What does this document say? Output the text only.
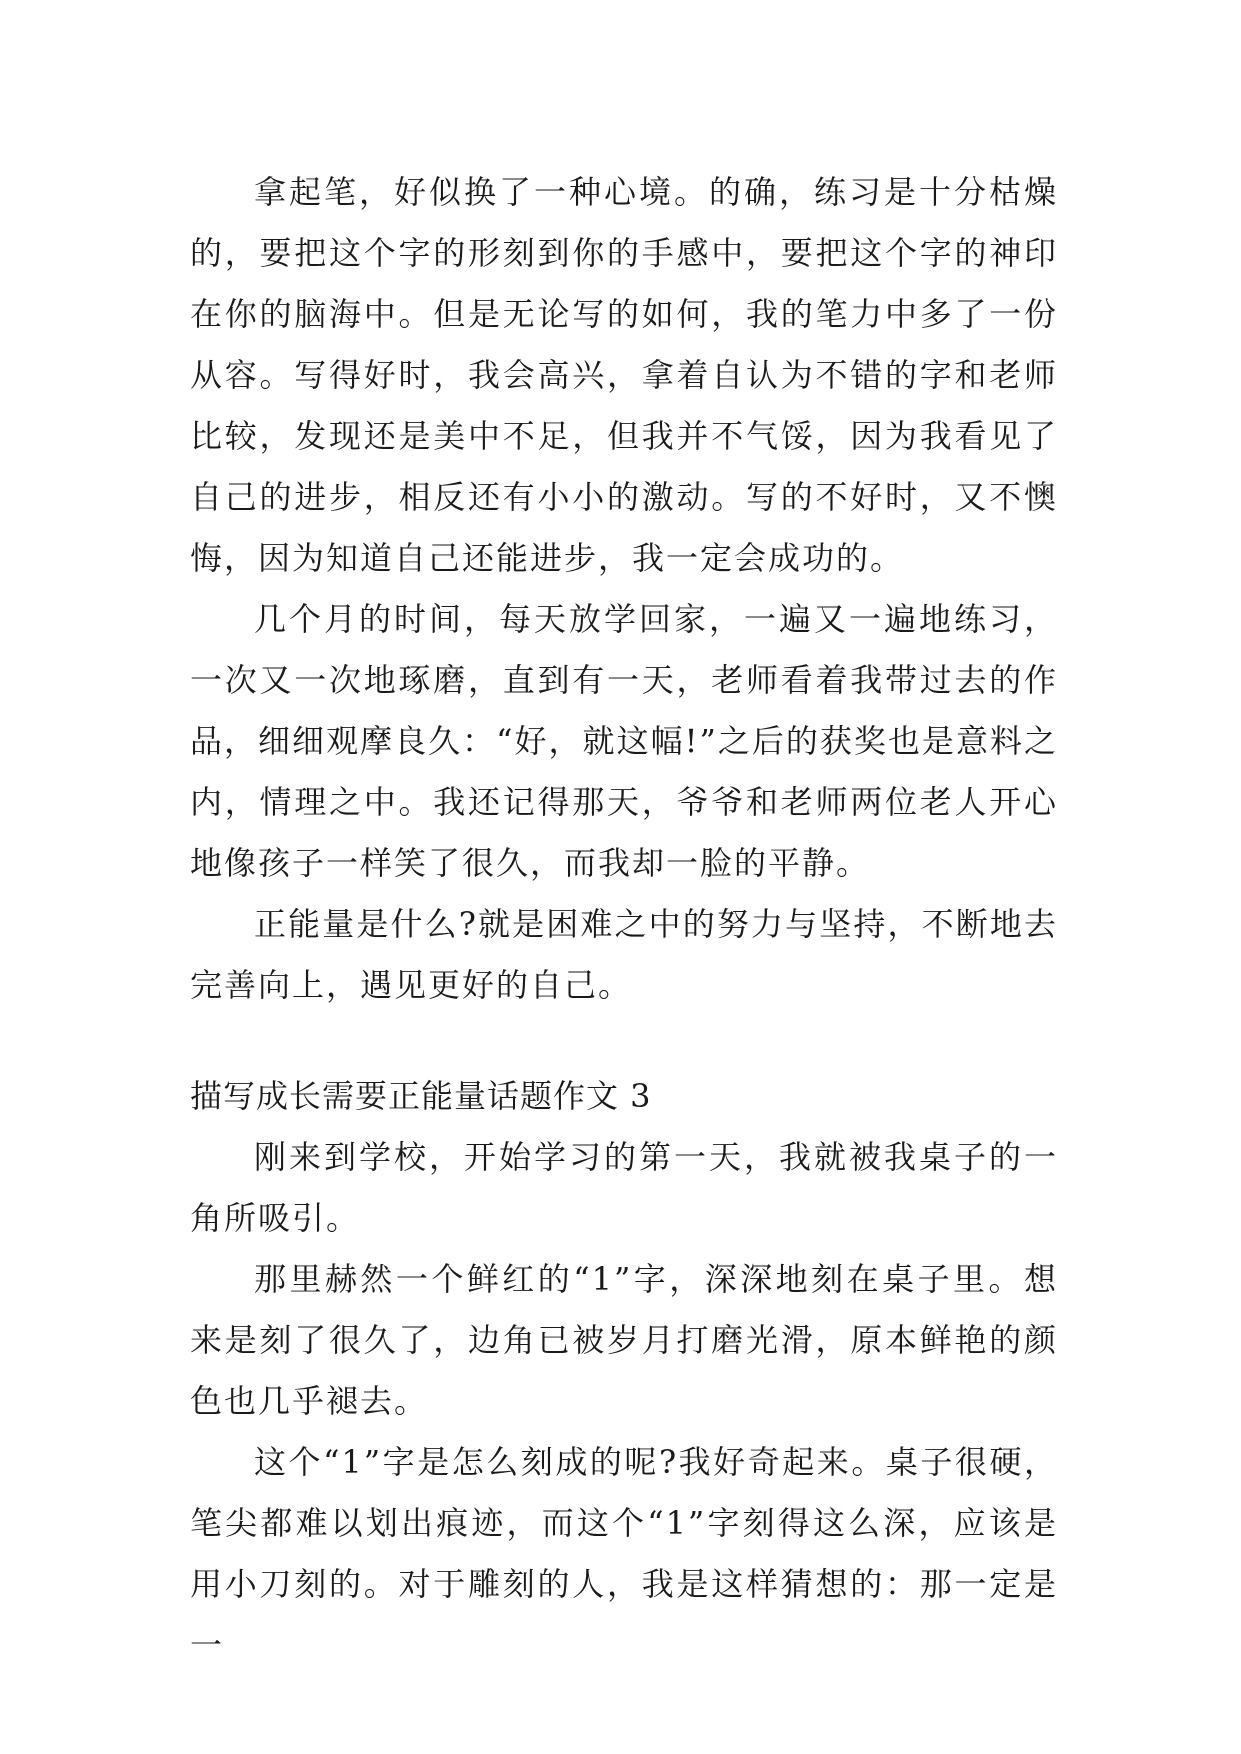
拿起笔，好似换了一种心境。的确，练习是十分枯燥的，要把这个字的形刻到你的手感中，要把这个字的神印在你的脑海中。但是无论写的如何，我的笔力中多了一份从容。写得好时，我会高兴，拿着自认为不错的字和老师比较，发现还是美中不足，但我并不气馁，因为我看见了自己的进步，相反还有小小的激动。写的不好时，又不懊悔，因为知道自己还能进步，我一定会成功的。

几个月的时间，每天放学回家，一遍又一遍地练习，一次又一次地琢磨，直到有一天，老师看着我带过去的作品，细细观摩良久：“好，就这幅!”之后的获奖也是意料之内，情理之中。我还记得那天，爷爷和老师两位老人开心地像孩子一样笑了很久，而我却一脸的平静。

正能量是什么?就是困难之中的努力与坚持，不断地去完善向上，遇见更好的自己。

描写成长需要正能量话题作文 3

刚来到学校，开始学习的第一天，我就被我桌子的一角所吸引。

那里赫然一个鲜红的“1”字，深深地刻在桌子里。想来是刻了很久了，边角已被岁月打磨光滑，原本鲜艳的颜色也几乎褪去。

这个“1”字是怎么刻成的呢?我好奇起来。桌子很硬，笔尖都难以划出痕迹，而这个“1”字刻得这么深，应该是用小刀刻的。对于雕刻的人，我是这样猜想的：那一定是一
